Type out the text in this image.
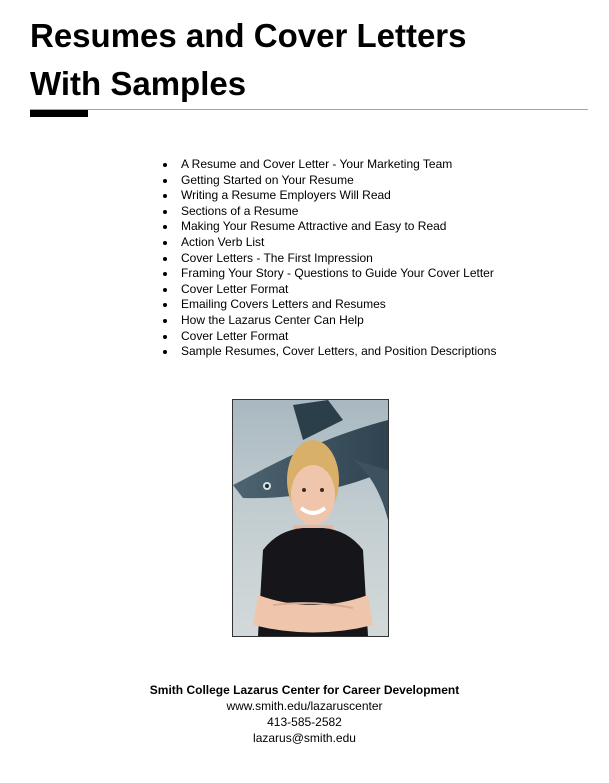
Resumes and Cover Letters
With Samples
A Resume and Cover Letter - Your Marketing Team
Getting Started on Your Resume
Writing a Resume Employers Will Read
Sections of a Resume
Making Your Resume Attractive and Easy to Read
Action Verb List
Cover Letters - The First Impression
Framing Your Story - Questions to Guide Your Cover Letter
Cover Letter Format
Emailing Covers Letters and Resumes
How the Lazarus Center Can Help
Cover Letter Format
Sample Resumes, Cover Letters, and Position Descriptions
Smith College Lazarus Center for Career Development
www.smith.edu/lazaruscenter
413-585-2582
lazarus@smith.edu
